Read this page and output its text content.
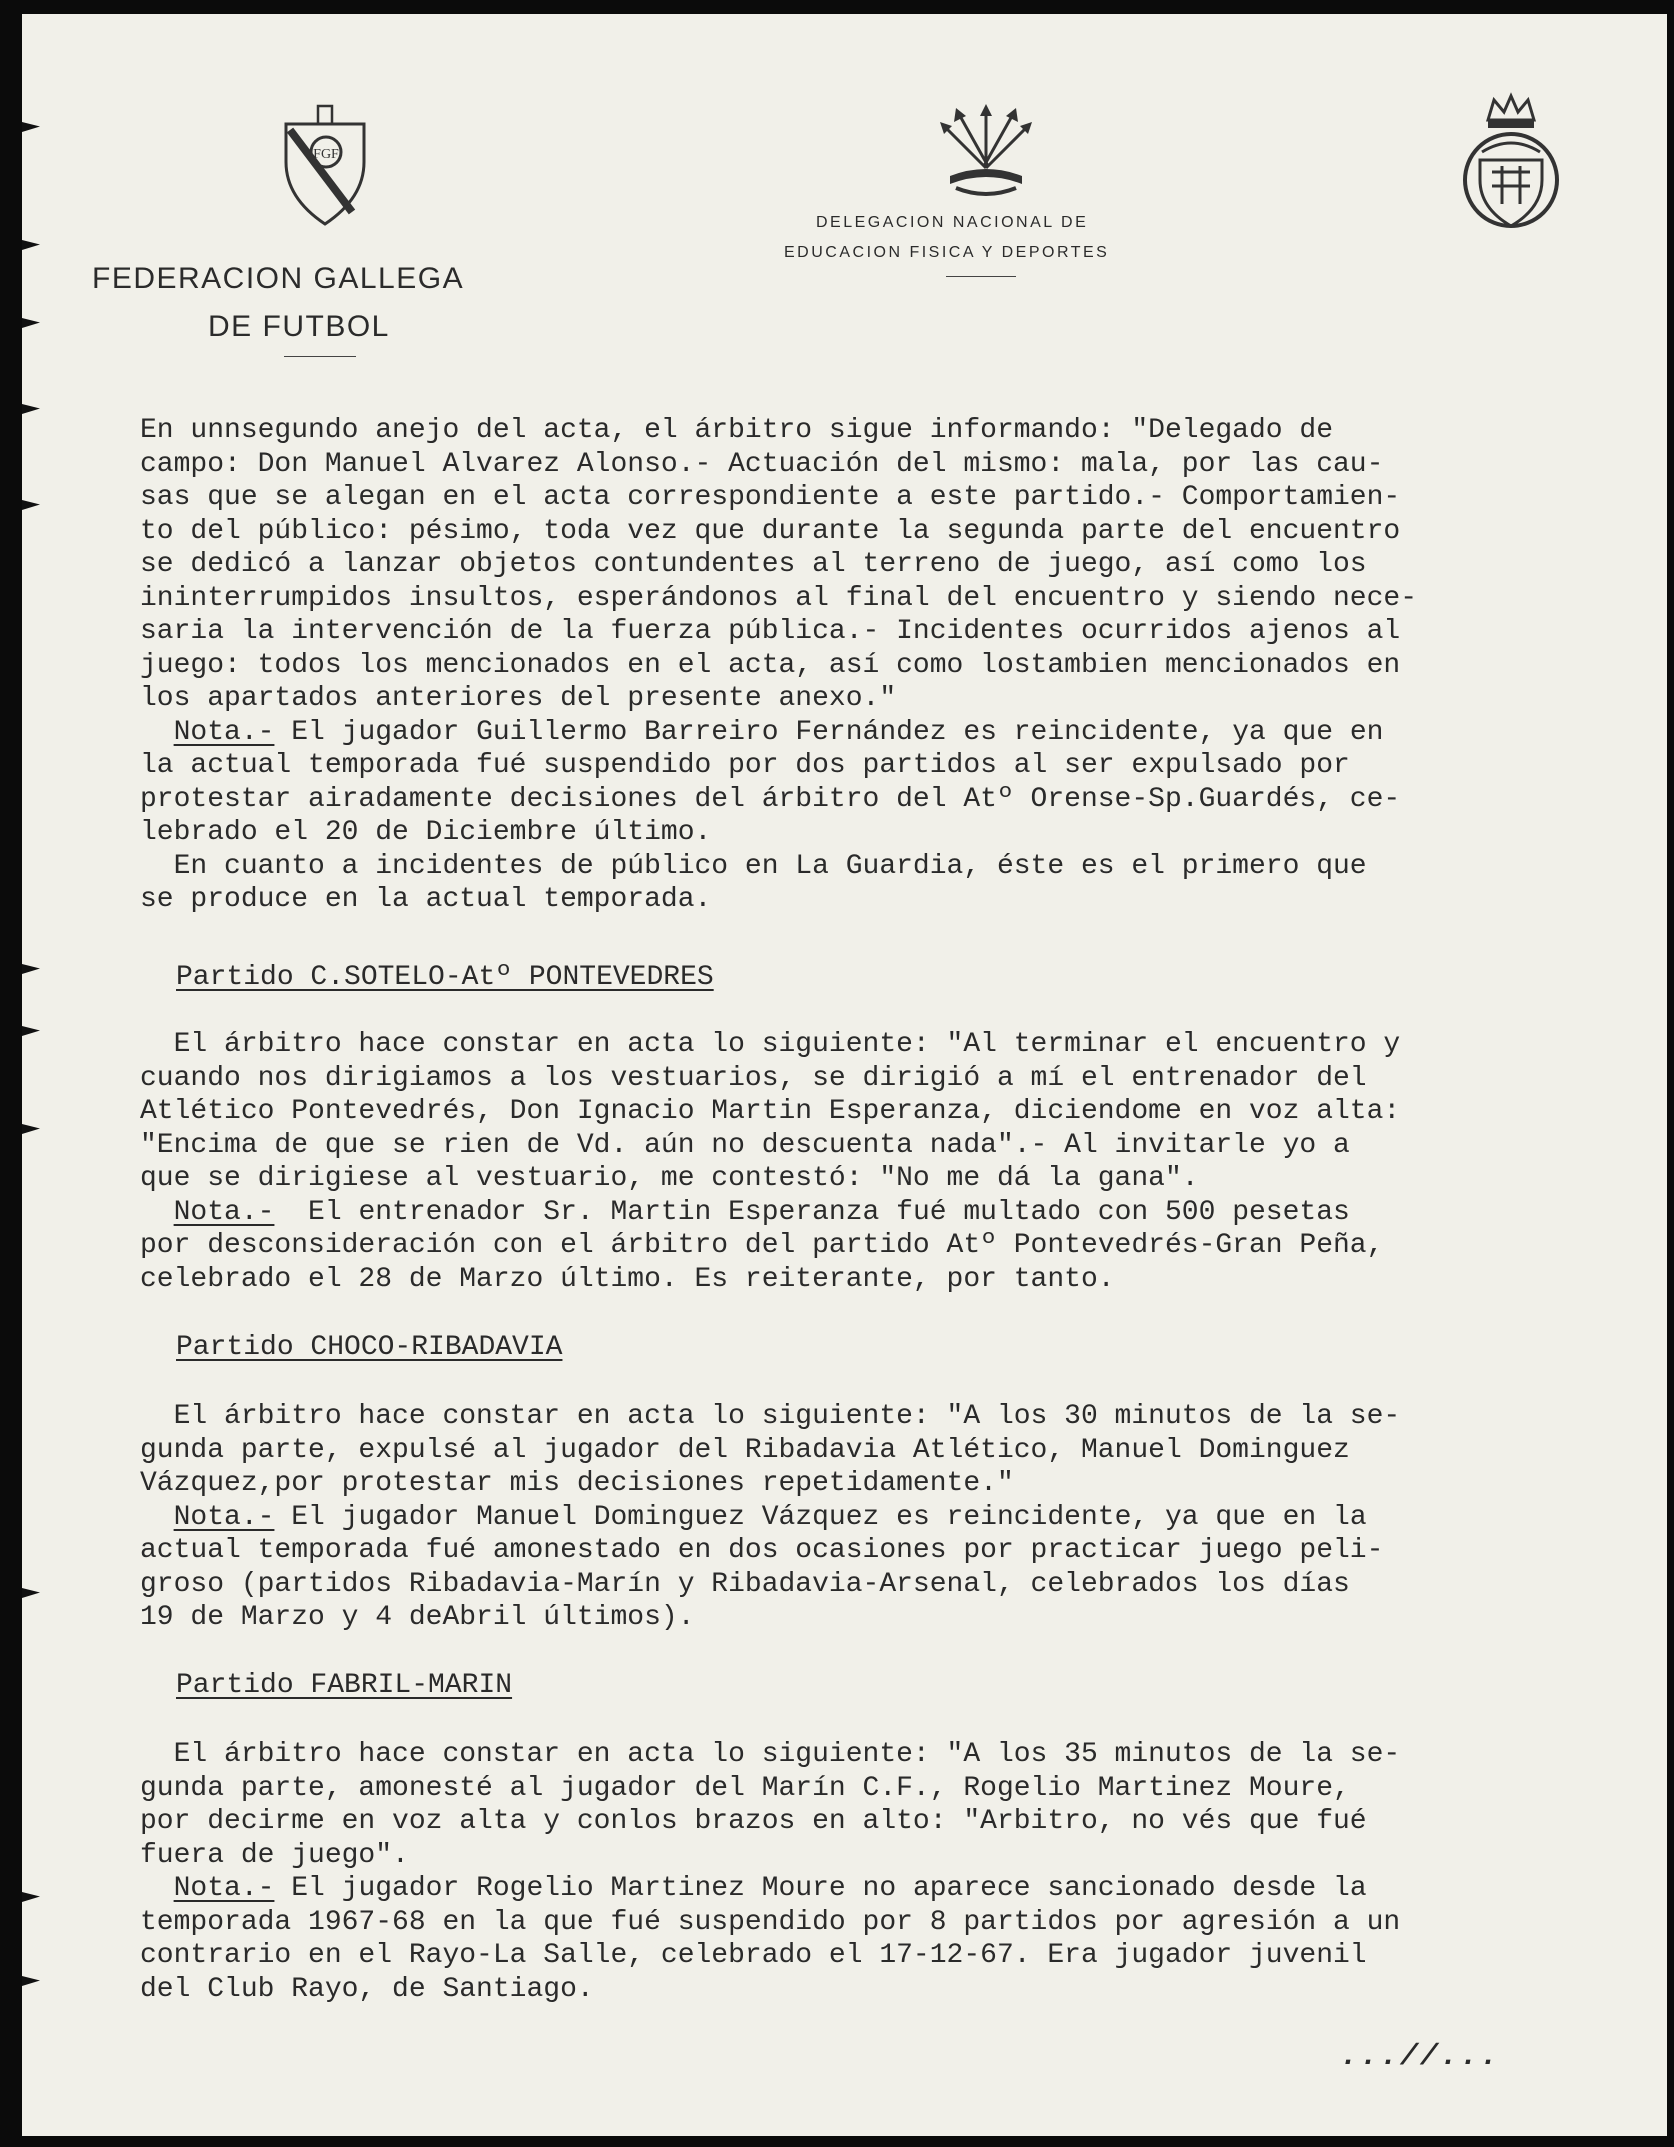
FGF

FEDERACION GALLEGA

DE FUTBOL

DELEGACION NACIONAL DE

EDUCACION FISICA Y DEPORTES

En unnsegundo anejo del acta, el árbitro sigue informando: "Delegado de
campo: Don Manuel Alvarez Alonso.- Actuación del mismo: mala, por las cau-
sas que se alegan en el acta correspondiente a este partido.- Comportamien-
to del público: pésimo, toda vez que durante la segunda parte del encuentro
se dedicó a lanzar objetos contundentes al terreno de juego, así como los
ininterrumpidos insultos, esperándonos al final del encuentro y siendo nece-
saria la intervención de la fuerza pública.- Incidentes ocurridos ajenos al
juego: todos los mencionados en el acta, así como lostambien mencionados en
los apartados anteriores del presente anexo."
Nota.- El jugador Guillermo Barreiro Fernández es reincidente, ya que en
la actual temporada fué suspendido por dos partidos al ser expulsado por
protestar airadamente decisiones del árbitro del Atº Orense-Sp.Guardés, ce-
lebrado el 20 de Diciembre último.
En cuanto a incidentes de público en La Guardia, éste es el primero que
se produce en la actual temporada.

Partido C.SOTELO-Atº PONTEVEDRES

El árbitro hace constar en acta lo siguiente: "Al terminar el encuentro y
cuando nos dirigiamos a los vestuarios, se dirigió a mí el entrenador del
Atlético Pontevedrés, Don Ignacio Martin Esperanza, diciendome en voz alta:
"Encima de que se rien de Vd. aún no descuenta nada".- Al invitarle yo a
que se dirigiese al vestuario, me contestó: "No me dá la gana".
Nota.-  El entrenador Sr. Martin Esperanza fué multado con 500 pesetas
por desconsideración con el árbitro del partido Atº Pontevedrés-Gran Peña,
celebrado el 28 de Marzo último. Es reiterante, por tanto.

Partido CHOCO-RIBADAVIA

El árbitro hace constar en acta lo siguiente: "A los 30 minutos de la se-
gunda parte, expulsé al jugador del Ribadavia Atlético, Manuel Dominguez
Vázquez,por protestar mis decisiones repetidamente."
Nota.- El jugador Manuel Dominguez Vázquez es reincidente, ya que en la
actual temporada fué amonestado en dos ocasiones por practicar juego peli-
groso (partidos Ribadavia-Marín y Ribadavia-Arsenal, celebrados los días
19 de Marzo y 4 deAbril últimos).

Partido FABRIL-MARIN

El árbitro hace constar en acta lo siguiente: "A los 35 minutos de la se-
gunda parte, amonesté al jugador del Marín C.F., Rogelio Martinez Moure,
por decirme en voz alta y conlos brazos en alto: "Arbitro, no vés que fué
fuera de juego".
Nota.- El jugador Rogelio Martinez Moure no aparece sancionado desde la
temporada 1967-68 en la que fué suspendido por 8 partidos por agresión a un
contrario en el Rayo-La Salle, celebrado el 17-12-67. Era jugador juvenil
del Club Rayo, de Santiago.
...//...
